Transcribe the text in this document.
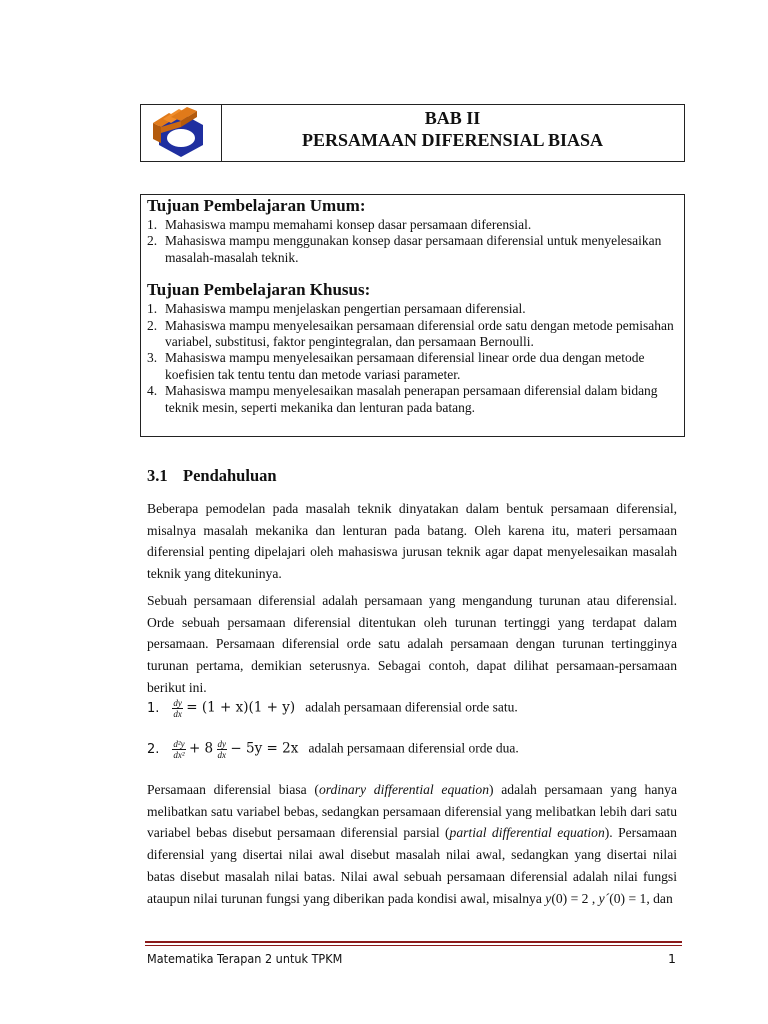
BAB II
PERSAMAAN DIFERENSIAL BIASA
Tujuan Pembelajaran Umum:
1. Mahasiswa mampu memahami konsep dasar persamaan diferensial.
2. Mahasiswa mampu menggunakan konsep dasar persamaan diferensial untuk menyelesaikan masalah-masalah teknik.
Tujuan Pembelajaran Khusus:
1. Mahasiswa mampu menjelaskan pengertian persamaan diferensial.
2. Mahasiswa mampu menyelesaikan persamaan diferensial orde satu dengan metode pemisahan variabel, substitusi, faktor pengintegralan, dan persamaan Bernoulli.
3. Mahasiswa mampu menyelesaikan persamaan diferensial linear orde dua dengan metode koefisien tak tentu tentu dan metode variasi parameter.
4. Mahasiswa mampu menyelesaikan masalah penerapan persamaan diferensial dalam bidang teknik mesin, seperti mekanika dan lenturan pada batang.
3.1 Pendahuluan
Beberapa pemodelan pada masalah teknik dinyatakan dalam bentuk persamaan diferensial, misalnya masalah mekanika dan lenturan pada batang. Oleh karena itu, materi persamaan diferensial penting dipelajari oleh mahasiswa jurusan teknik agar dapat menyelesaikan masalah teknik yang ditekuninya.
Sebuah persamaan diferensial adalah persamaan yang mengandung turunan atau diferensial. Orde sebuah persamaan diferensial ditentukan oleh turunan tertinggi yang terdapat dalam persamaan. Persamaan diferensial orde satu adalah persamaan dengan turunan tertingginya turunan pertama, demikian seterusnya. Sebagai contoh, dapat dilihat persamaan-persamaan berikut ini.
1. $\frac{dy}{dx} = (1 + x)(1 + y)$ adalah persamaan diferensial orde satu.
2. $\frac{\text{d²y}}{\text{dx²}} + 8 \frac{dy}{dx} - 5y = 2x$ adalah persamaan diferensial orde dua.
Persamaan diferensial biasa (ordinary differential equation) adalah persamaan yang hanya melibatkan satu variabel bebas, sedangkan persamaan diferensial yang melibatkan lebih dari satu variabel bebas disebut persamaan diferensial parsial (partial differential equation). Persamaan diferensial yang disertai nilai awal disebut masalah nilai awal, sedangkan yang disertai nilai batas disebut masalah nilai batas. Nilai awal sebuah persamaan diferensial adalah nilai fungsi ataupun nilai turunan fungsi yang diberikan pada kondisi awal, misalnya y(0) = 2 , y´(0) = 1, dan
Matematika Terapan 2 untuk TPKM	1
